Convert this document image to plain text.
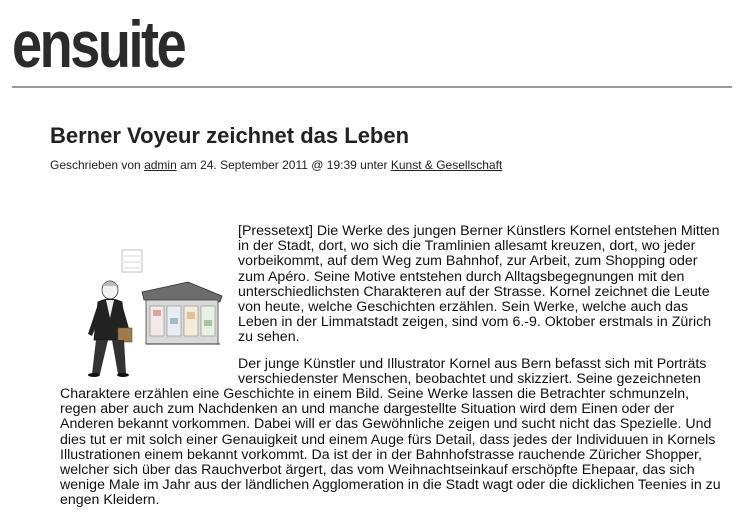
ensuite
Berner Voyeur zeichnet das Leben
Geschrieben von admin am 24. September 2011 @ 19:39 unter Kunst & Gesellschaft

[Pressetext] Die Werke des jungen Berner Künstlers Kornel entstehen Mitten in der Stadt, dort, wo sich die Tramlinien allesamt kreuzen, dort, wo jeder vorbeikommt, auf dem Weg zum Bahnhof, zur Arbeit, zum Shopping oder zum Apéro. Seine Motive entstehen durch Alltagsbegegnungen mit den unterschiedlichsten Charakteren auf der Strasse. Kornel zeichnet die Leute von heute, welche Geschichten erzählen. Sein Werke, welche auch das Leben in der Limmatstadt zeigen, sind vom 6.-9. Oktober erstmals in Zürich zu sehen.

Der junge Künstler und Illustrator Kornel aus Bern befasst sich mit Porträts verschiedenster Menschen, beobachtet und skizziert. Seine gezeichneten Charaktere erzählen eine Geschichte in einem Bild. Seine Werke lassen die Betrachter schmunzeln, regen aber auch zum Nachdenken an und manche dargestellte Situation wird dem Einen oder der Anderen bekannt vorkommen. Dabei will er das Gewöhnliche zeigen und sucht nicht das Spezielle. Und dies tut er mit solch einer Genauigkeit und einem Auge fürs Detail, dass jedes der Individuuen in Kornels Illustrationen einem bekannt vorkommt. Da ist der in der Bahnhofstrasse rauchende Züricher Shopper, welcher sich über das Rauchverbot ärgert, das vom Weihnachtseinkauf erschöpfte Ehepaar, das sich wenige Male im Jahr aus der ländlichen Agglomeration in die Stadt wagt oder die dicklichen Teenies in zu engen Kleidern.
